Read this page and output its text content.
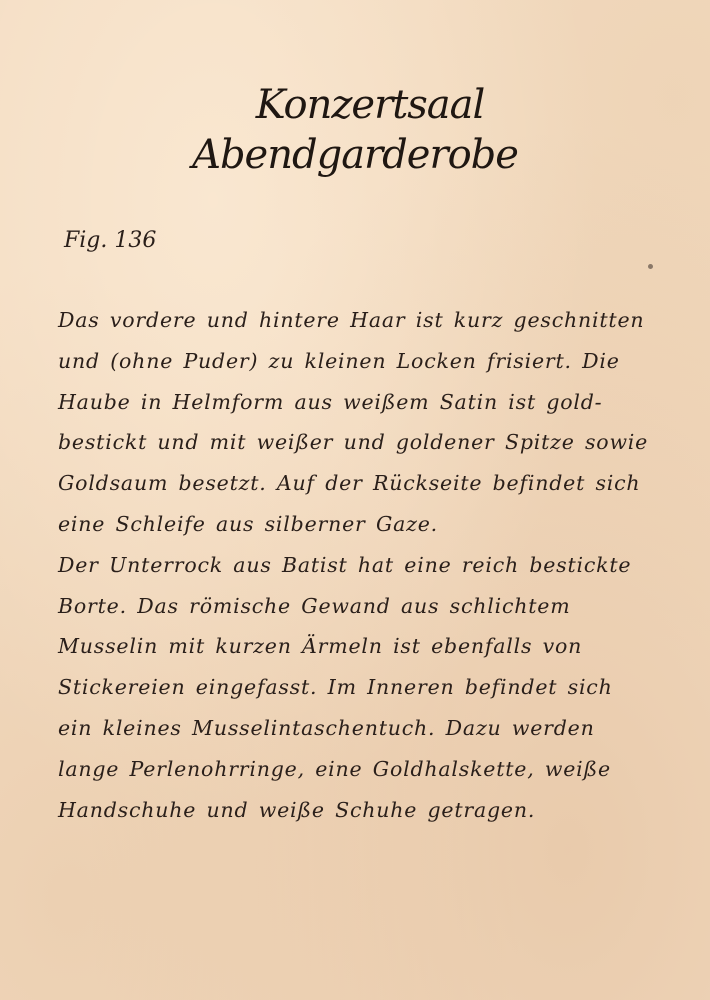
Konzertsaal
Abendgarderobe
Fig. 136
Das vordere und hintere Haar ist kurz geschnitten
und (ohne Puder) zu kleinen Locken frisiert. Die
Haube in Helmform aus weißem Satin ist gold-
bestickt und mit weißer und goldener Spitze sowie
Goldsaum besetzt. Auf der Rückseite befindet sich
eine Schleife aus silberner Gaze.
Der Unterrock aus Batist hat eine reich bestickte
Borte. Das römische Gewand aus schlichtem
Musselin mit kurzen Ärmeln ist ebenfalls von
Stickereien eingefasst. Im Inneren befindet sich
ein kleines Musselintaschentuch. Dazu werden
lange Perlenohrringe, eine Goldhalskette, weiße
Handschuhe und weiße Schuhe getragen.
